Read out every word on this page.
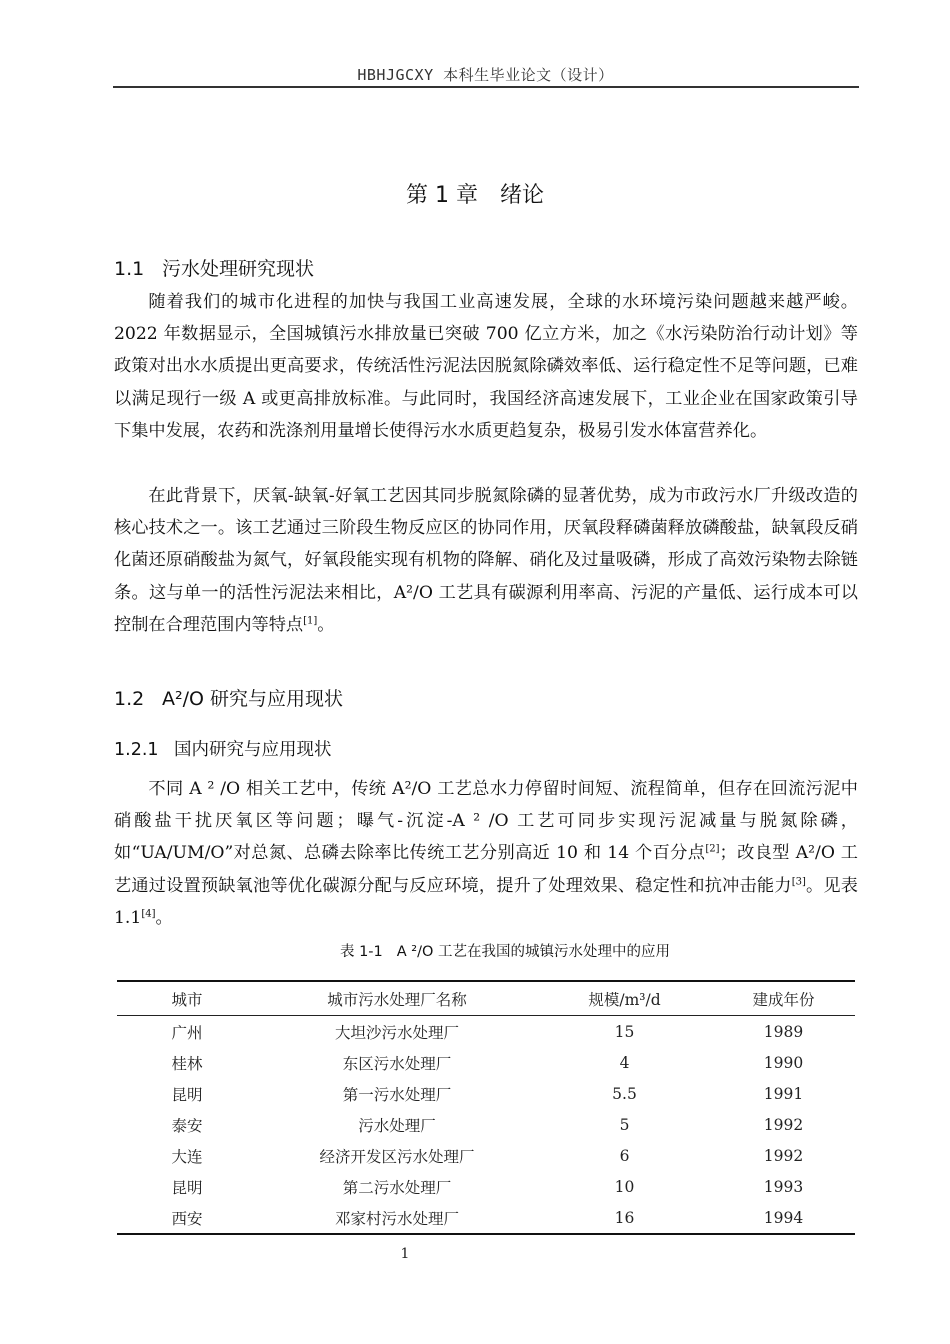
HBHJGCXY 本科生毕业论文（设计）
第 1 章 绪论
1.1 污水处理研究现状

随着我们的城市化进程的加快与我国工业高速发展，全球的水环境污染问题越来越严峻。2022 年数据显示，全国城镇污水排放量已突破 700 亿立方米，加之《水污染防治行动计划》等政策对出水水质提出更高要求，传统活性污泥法因脱氮除磷效率低、运行稳定性不足等问题，已难以满足现行一级 A 或更高排放标准。与此同时，我国经济高速发展下，工业企业在国家政策引导下集中发展，农药和洗涤剂用量增长使得污水水质更趋复杂，极易引发水体富营养化。

在此背景下，厌氧-缺氧-好氧工艺因其同步脱氮除磷的显著优势，成为市政污水厂升级改造的核心技术之一。该工艺通过三阶段生物反应区的协同作用，厌氧段释磷菌释放磷酸盐，缺氧段反硝化菌还原硝酸盐为氮气，好氧段能实现有机物的降解、硝化及过量吸磷，形成了高效污染物去除链条。这与单一的活性污泥法来相比，A²/O 工艺具有碳源利用率高、污泥的产量低、运行成本可以控制在合理范围内等特点[1]。

1.2 A²/O 研究与应用现状
1.2.1 国内研究与应用现状

不同 A ² /O 相关工艺中，传统 A²/O 工艺总水力停留时间短、流程简单，但存在回流污泥中硝酸盐干扰厌氧区等问题；曝气-沉淀-A ² /O 工艺可同步实现污泥减量与脱氮除磷，如“UA/UM/O”对总氮、总磷去除率比传统工艺分别高近 10 和 14 个百分点[2]；改良型 A²/O 工艺通过设置预缺氧池等优化碳源分配与反应环境，提升了处理效果、稳定性和抗冲击能力[3]。见表 1.1[4]。

表 1-1 A ²/O 工艺在我国的城镇污水处理中的应用
城市	城市污水处理厂名称	规模/m³/d	建成年份
广州	大坦沙污水处理厂	15	1989
桂林	东区污水处理厂	4	1990
昆明	第一污水处理厂	5.5	1991
泰安	污水处理厂	5	1992
大连	经济开发区污水处理厂	6	1992
昆明	第二污水处理厂	10	1993
西安	邓家村污水处理厂	16	1994
1
